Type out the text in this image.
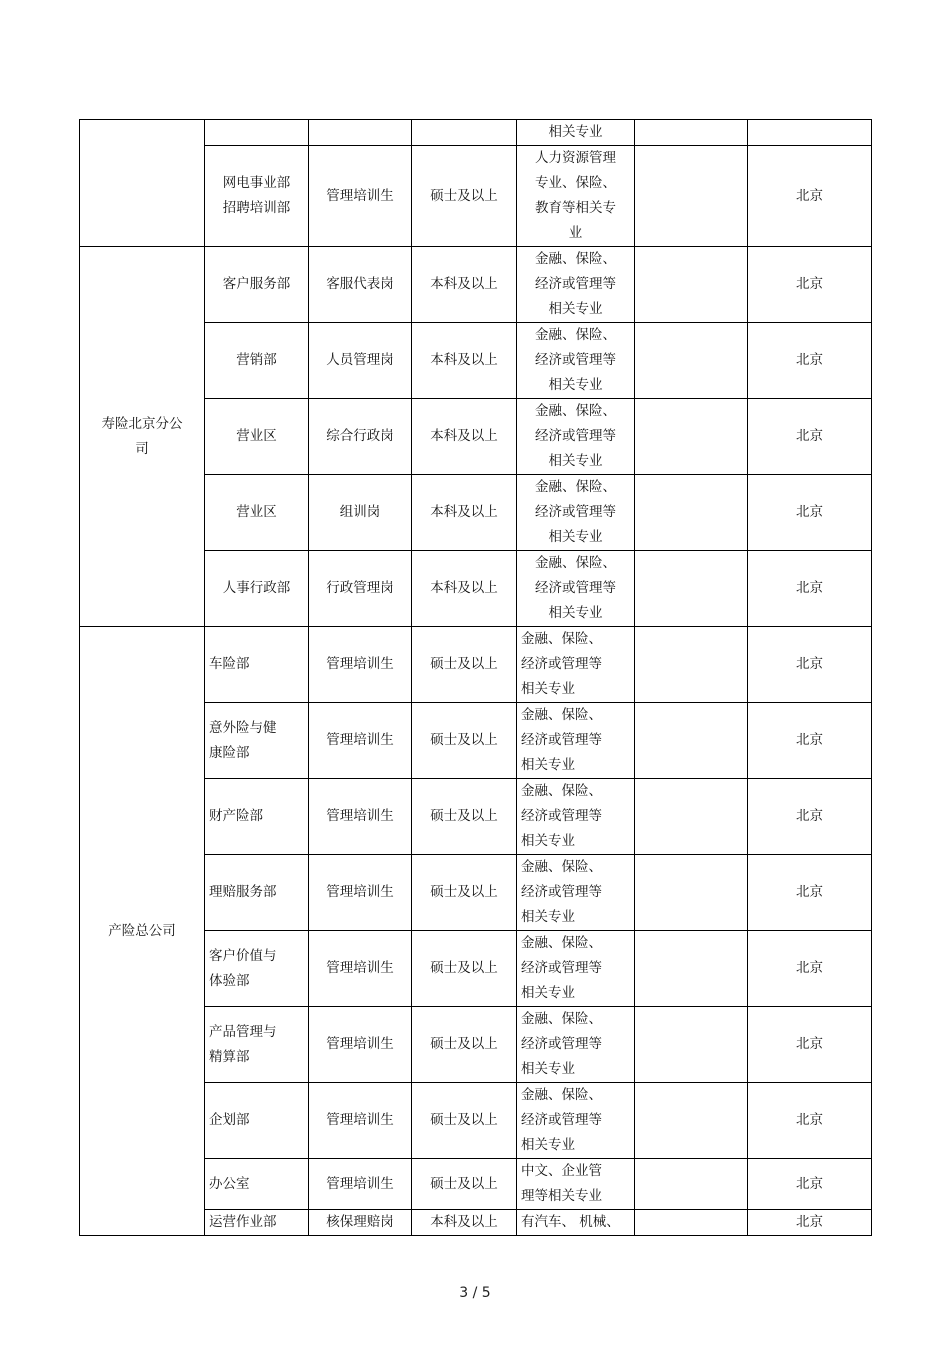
				相关专业		

	网电事业部
招聘培训部	管理培训生	硕士及以上	人力资源管理
专业、保险、
教育等相关专
业		北京

寿险北京分公
司	客户服务部	客服代表岗	本科及以上	金融、保险、
经济或管理等
相关专业		北京

	营销部	人员管理岗	本科及以上	金融、保险、
经济或管理等
相关专业		北京

	营业区	综合行政岗	本科及以上	金融、保险、
经济或管理等
相关专业		北京

	营业区	组训岗	本科及以上	金融、保险、
经济或管理等
相关专业		北京

	人事行政部	行政管理岗	本科及以上	金融、保险、
经济或管理等
相关专业		北京

产险总公司	车险部	管理培训生	硕士及以上	金融、保险、
经济或管理等
相关专业		北京

	意外险与健
康险部	管理培训生	硕士及以上	金融、保险、
经济或管理等
相关专业		北京

	财产险部	管理培训生	硕士及以上	金融、保险、
经济或管理等
相关专业		北京

	理赔服务部	管理培训生	硕士及以上	金融、保险、
经济或管理等
相关专业		北京

	客户价值与
体验部	管理培训生	硕士及以上	金融、保险、
经济或管理等
相关专业		北京

	产品管理与
精算部	管理培训生	硕士及以上	金融、保险、
经济或管理等
相关专业		北京

	企划部	管理培训生	硕士及以上	金融、保险、
经济或管理等
相关专业		北京

	办公室	管理培训生	硕士及以上	中文、企业管
理等相关专业		北京

	运营作业部	核保理赔岗	本科及以上	有汽车、 机械、		北京
3 / 5
